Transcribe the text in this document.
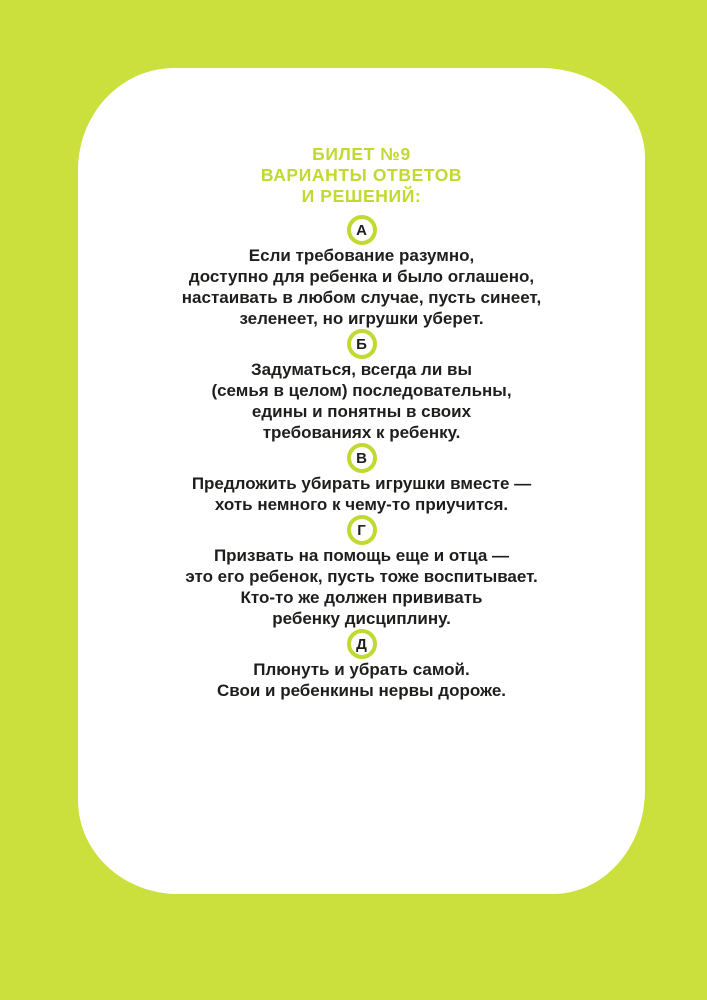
БИЛЕТ №9
ВАРИАНТЫ ОТВЕТОВ
И РЕШЕНИЙ:
А
Если требование разумно,
доступно для ребенка и было оглашено,
настаивать в любом случае, пусть синеет,
зеленеет, но игрушки уберет.
Б
Задуматься, всегда ли вы
(семья в целом) последовательны,
едины и понятны в своих
требованиях к ребенку.
В
Предложить убирать игрушки вместе —
хоть немного к чему-то приучится.
Г
Призвать на помощь еще и отца —
это его ребенок, пусть тоже воспитывает.
Кто-то же должен прививать
ребенку дисциплину.
Д
Плюнуть и убрать самой.
Свои и ребенкины нервы дороже.
